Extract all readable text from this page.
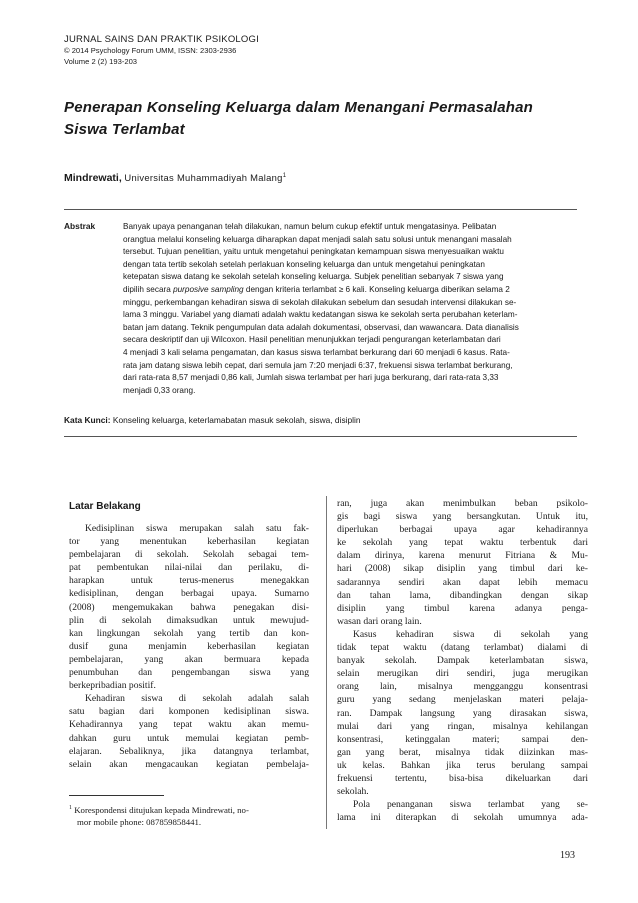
JURNAL SAINS DAN PRAKTIK PSIKOLOGI
© 2014 Psychology Forum UMM, ISSN: 2303-2936
Volume 2 (2) 193-203
Penerapan Konseling Keluarga dalam Menangani Permasalahan
Siswa Terlambat
Mindrewati, Universitas Muhammadiyah Malang$^1$
Abstrak	Banyak upaya penanganan telah dilakukan, namun belum cukup efektif untuk mengatasinya. Pelibatan
orangtua melalui konseling keluarga diharapkan dapat menjadi salah satu solusi untuk menangani masalah
tersebut. Tujuan penelitian, yaitu untuk mengetahui peningkatan kemampuan siswa menyesuaikan waktu
dengan tata tertib sekolah setelah perlakuan konseling keluarga dan untuk mengetahui peningkatan
ketepatan siswa datang ke sekolah setelah konseling keluarga. Subjek penelitian sebanyak 7 siswa yang
dipilih secara purposive sampling dengan kriteria terlambat ≥ 6 kali. Konseling keluarga diberikan selama 2
minggu, perkembangan kehadiran siswa di sekolah dilakukan sebelum dan sesudah intervensi dilakukan se-
lama 3 minggu. Variabel yang diamati adalah waktu kedatangan siswa ke sekolah serta perubahan keterlam-
batan jam datang. Teknik pengumpulan data adalah dokumentasi, observasi, dan wawancara. Data dianalisis
secara deskriptif dan uji Wilcoxon. Hasil penelitian menunjukkan terjadi pengurangan keterlambatan dari
4 menjadi 3 kali selama pengamatan, dan kasus siswa terlambat berkurang dari 60 menjadi 6 kasus. Rata-
rata jam datang siswa lebih cepat, dari semula jam 7:20 menjadi 6:37, frekuensi siswa terlambat berkurang,
dari rata-rata 8,57 menjadi 0,86 kali, Jumlah siswa terlambat per hari juga berkurang, dari rata-rata 3,33
menjadi 0,33 orang.
Kata Kunci: Konseling keluarga, keterlamabatan masuk sekolah, siswa, disiplin
Latar Belakang
Kedisiplinan siswa merupakan salah satu fak-
tor yang menentukan keberhasilan kegiatan
pembelajaran di sekolah. Sekolah sebagai tem-
pat pembentukan nilai-nilai dan perilaku, di-
harapkan untuk terus-menerus menegakkan
kedisiplinan, dengan berbagai upaya. Sumarno
(2008) mengemukakan bahwa penegakan disi-
plin di sekolah dimaksudkan untuk mewujud-
kan lingkungan sekolah yang tertib dan kon-
dusif guna menjamin keberhasilan kegiatan
pembelajaran, yang akan bermuara kepada
penumbuhan dan pengembangan siswa yang
berkepribadian positif.
Kehadiran siswa di sekolah adalah salah
satu bagian dari komponen kedisiplinan siswa.
Kehadirannya yang tepat waktu akan memu-
dahkan guru untuk memulai kegiatan pemb-
elajaran. Sebaliknya, jika datangnya terlambat,
selain akan mengacaukan kegiatan pembelaja-
$^1$ Korespondensi ditujukan kepada Mindrewati, no-
mor mobile phone: 087859858441.
ran, juga akan menimbulkan beban psikolo-
gis bagi siswa yang bersangkutan. Untuk itu,
diperlukan berbagai upaya agar kehadirannya
ke sekolah yang tepat waktu terbentuk dari
dalam dirinya, karena menurut Fitriana & Mu-
hari (2008) sikap disiplin yang timbul dari ke-
sadarannya sendiri akan dapat lebih memacu
dan tahan lama, dibandingkan dengan sikap
disiplin yang timbul karena adanya penga-
wasan dari orang lain.
Kasus kehadiran siswa di sekolah yang
tidak tepat waktu (datang terlambat) dialami di
banyak sekolah. Dampak keterlambatan siswa,
selain merugikan diri sendiri, juga merugikan
orang lain, misalnya mengganggu konsentrasi
guru yang sedang menjelaskan materi pelaja-
ran. Dampak langsung yang dirasakan siswa,
mulai dari yang ringan, misalnya kehilangan
konsentrasi, ketinggalan materi; sampai den-
gan yang berat, misalnya tidak diizinkan mas-
uk kelas. Bahkan jika terus berulang sampai
frekuensi tertentu, bisa-bisa dikeluarkan dari
sekolah.
Pola penanganan siswa terlambat yang se-
lama ini diterapkan di sekolah umumnya ada-
193
